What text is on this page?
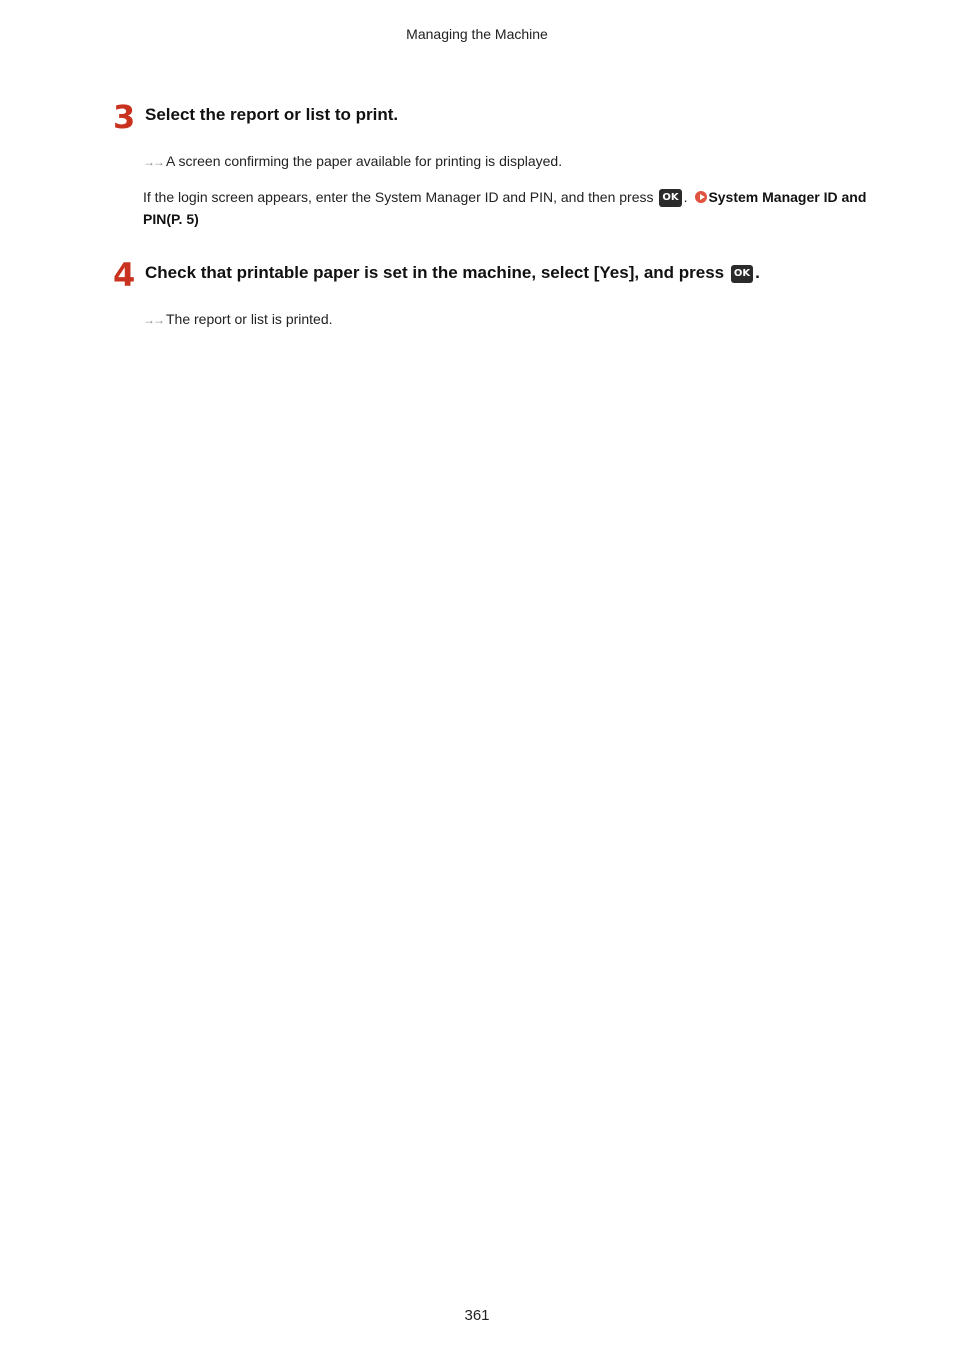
Managing the Machine
3 Select the report or list to print.
→→ A screen confirming the paper available for printing is displayed.
If the login screen appears, enter the System Manager ID and PIN, and then press OK . System Manager ID and PIN(P. 5)
4 Check that printable paper is set in the machine, select [Yes], and press OK .
→→ The report or list is printed.
361
